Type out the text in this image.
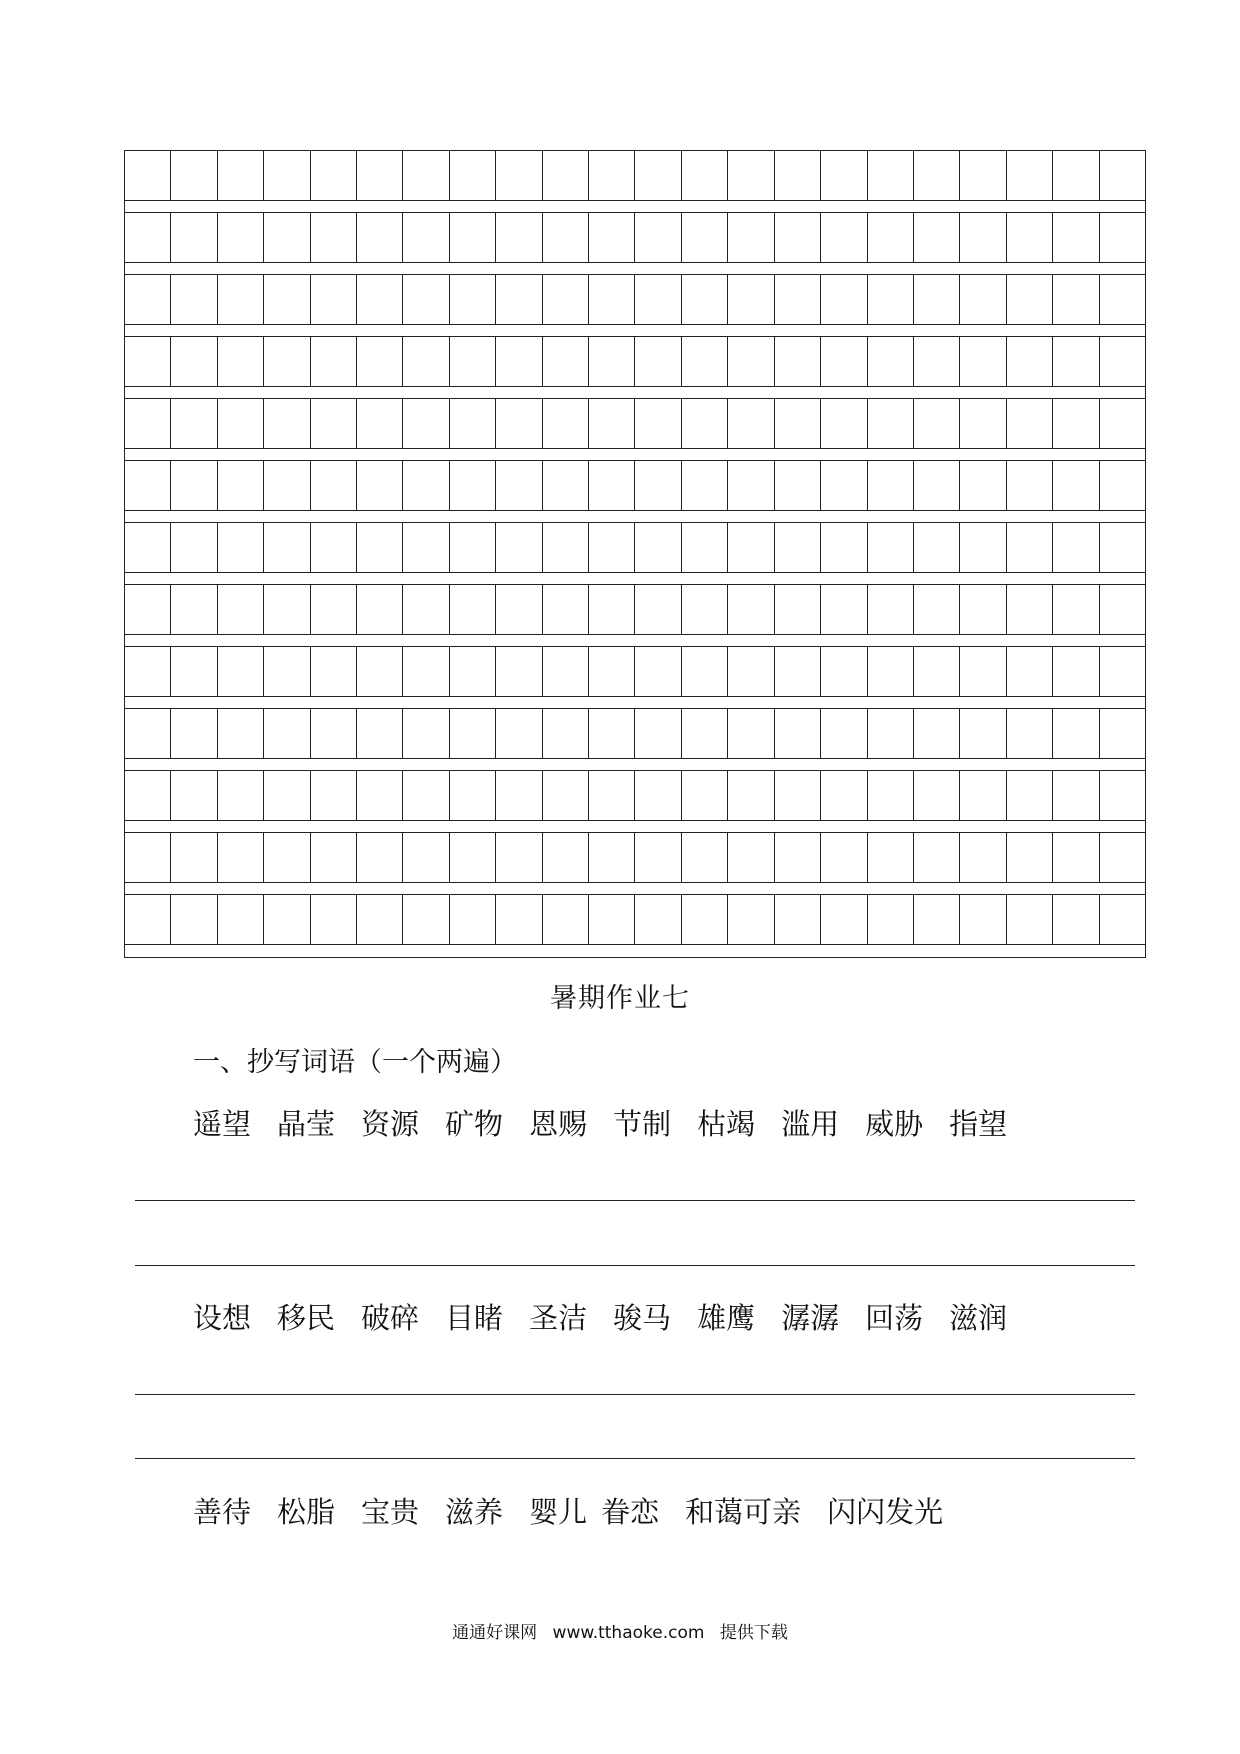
暑期作业七
一、抄写词语（一个两遍）
遥望 晶莹 资源 矿物 恩赐 节制 枯竭 滥用 威胁 指望
设想 移民 破碎 目睹 圣洁 骏马 雄鹰 潺潺 回荡 滋润
善待 松脂 宝贵 滋养 婴儿 眷恋 和蔼可亲 闪闪发光
通通好课网 www.tthaoke.com 提供下载
